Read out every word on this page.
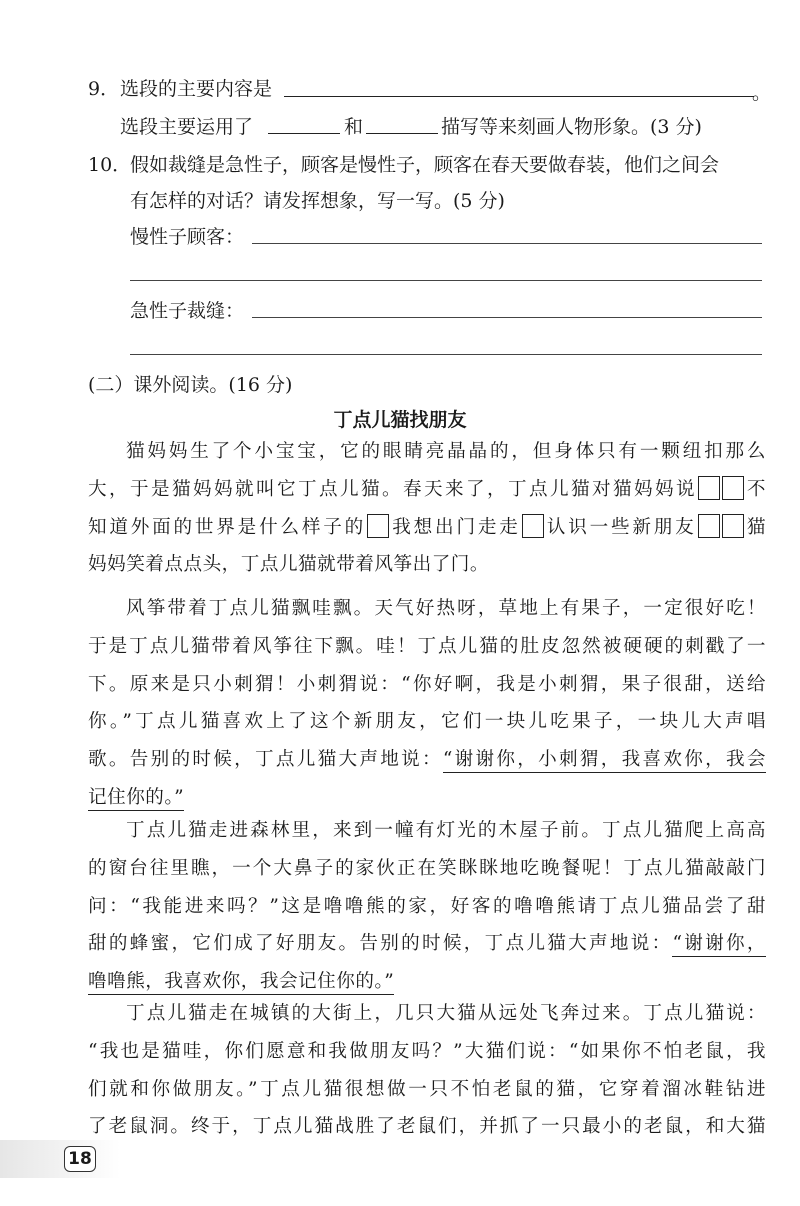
9． 选段的主要内容是	。
选段主要运用了	和	描写等来刻画人物形象。(3 分)
10．
假如裁缝是急性子，顾客是慢性子，顾客在春天要做春装，他们之间会
有怎样的对话？请发挥想象，写一写。(5 分)
慢性子顾客：
急性子裁缝：
(二）课外阅读。(16 分)
丁点儿猫找朋友
猫妈妈生了个小宝宝，它的眼睛亮晶晶的，但身体只有一颗纽扣那么
大，于是猫妈妈就叫它丁点儿猫。春天来了，丁点儿猫对猫妈妈说	不
知道外面的世界是什么样子的 我想出门走走 认识一些新朋友	猫
妈妈笑着点点头，丁点儿猫就带着风筝出了门。
风筝带着丁点儿猫飘哇飘。天气好热呀，草地上有果子，一定很好吃！
于是丁点儿猫带着风筝往下飘。哇！丁点儿猫的肚皮忽然被硬硬的刺戳了一
下。原来是只小刺猬！小刺猬说：“你好啊，我是小刺猬，果子很甜，送给
你。”丁点儿猫喜欢上了这个新朋友，它们一块儿吃果子，一块儿大声唱
歌。告别的时候，丁点儿猫大声地说：“谢谢你，小刺猬，我喜欢你，我会
记住你的。”
丁点儿猫走进森林里，来到一幢有灯光的木屋子前。丁点儿猫爬上高高
的窗台往里瞧，一个大鼻子的家伙正在笑眯眯地吃晚餐呢！丁点儿猫敲敲门
问：“我能进来吗？”这是噜噜熊的家，好客的噜噜熊请丁点儿猫品尝了甜
甜的蜂蜜，它们成了好朋友。告别的时候，丁点儿猫大声地说：“谢谢你，
噜噜熊，我喜欢你，我会记住你的。”
丁点儿猫走在城镇的大街上，几只大猫从远处飞奔过来。丁点儿猫说：
“我也是猫哇，你们愿意和我做朋友吗？”大猫们说：“如果你不怕老鼠，我
们就和你做朋友。”丁点儿猫很想做一只不怕老鼠的猫，它穿着溜冰鞋钻进
了老鼠洞。终于，丁点儿猫战胜了老鼠们，并抓了一只最小的老鼠，和大猫
18
